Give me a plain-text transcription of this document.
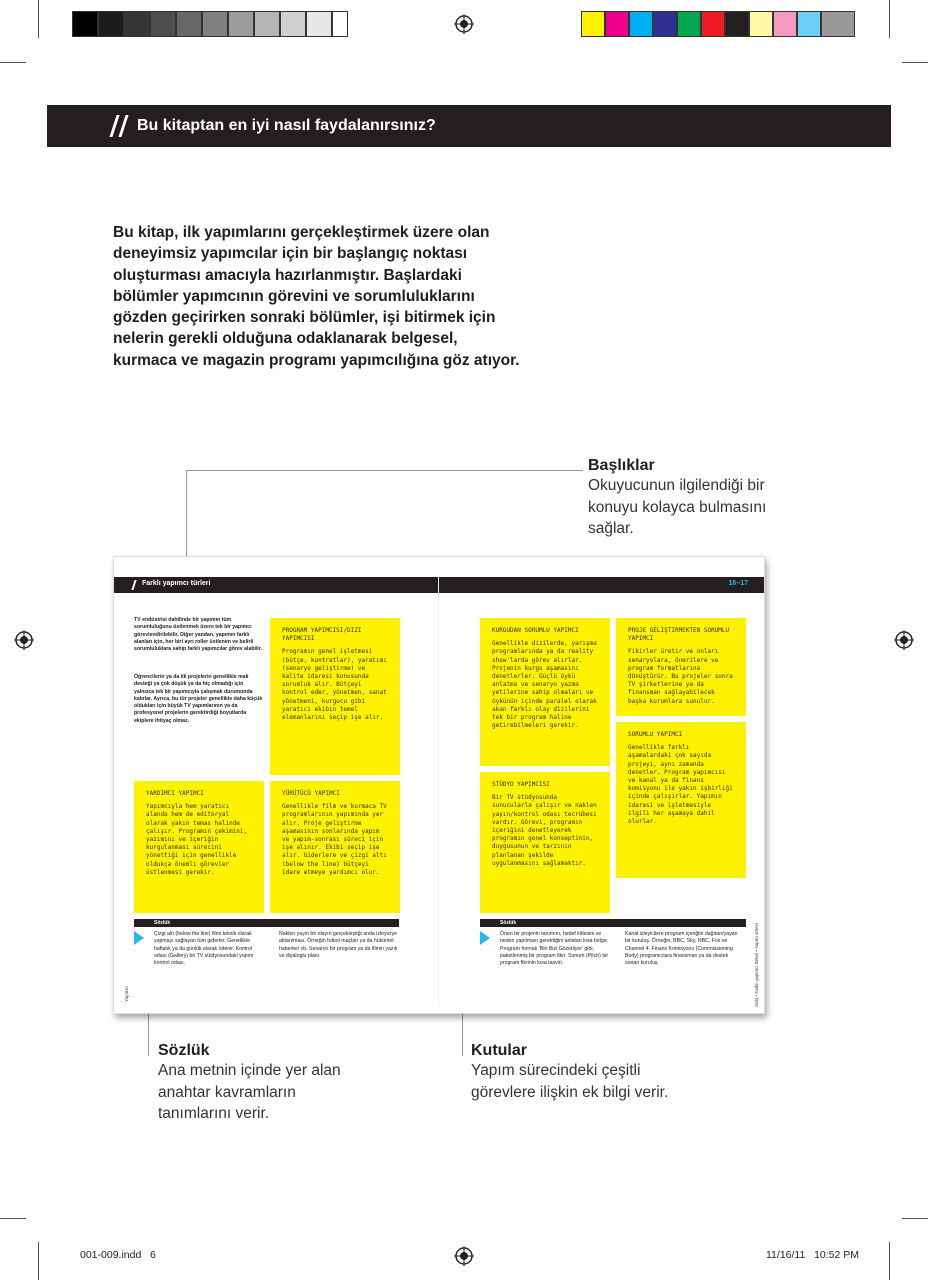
Bu kitaptan en iyi nasıl faydalanırsınız?
Bu kitap, ilk yapımlarını gerçekleştirmek üzere olan deneyimsiz yapımcılar için bir başlangıç noktası oluşturması amacıyla hazırlanmıştır. Başlardaki bölümler yapımcının görevini ve sorumluluklarını gözden geçirirken sonraki bölümler, işi bitirmek için nelerin gerekli olduğuna odaklanarak belgesel, kurmaca ve magazin programı yapımcılığına göz atıyor.
Başlıklar
Okuyucunun ilgilendiği bir konuyu kolayca bulmasını sağlar.
Farklı yapımcı türleri	16–17
TV endüstrisi dahilinde bir yapımın tüm sorumluluğunu üstlenmek üzere tek bir yapımcı görevlendirilebilir. Diğer yandan, yapımın farklı alanları için, her biri ayrı roller üstlenen ve belirli sorumluluklara sahip farklı yapımcılar görev alabilir.
Öğrencilerin ya da ilk projelerin genellikle mali desteği ya çok düşük ya da hiç olmadığı için yalnızca tek bir yapımcıyla çalışmak durumunda kalırlar. Ayrıca, bu tür projeler genellikle daha küçük oldukları için büyük TV yapımlarının ya da profesyonel projelerin gerektirdiği boyutlarda ekiplere ihtiyaç olmaz.
PROGRAM YAPIMCISI/DIZI YAPIMCISI
Programın genel işletmesi (bütçe, kontratlar), yaratımı (senaryo geliştirme) ve kalite idaresi konusunda sorumluk alır. Bütçeyi kontrol eder, yönetmen, sanat yönetmeni, kurgucu gibi yaratıcı ekibin temel elemanlarını seçip işe alır.
YARDIMCI YAPIMCI
Yapımcıyla hem yaratıcı alanda hem de editoryal olarak yakın temas halinde çalışır. Programın çekimini, yazımını ve içeriğin kurgulanması sürecini yönettiği için genellikle oldukça önemli görevler üstlenmesi gerekir.
YÜRÜTÜCÜ YAPIMCI
Genellikle film ve kurmaca TV programlarının yapımında yer alır. Proje geliştirme aşamasının sonlarında yapım ve yapım-sonrası süreci için işe alınır. Ekibi seçip işe alır. Giderlere ve çizgi altı (below the line) bütçeyi idare etmeye yardımcı olur.
KURGUDAN SORUMLU YAPIMCI
Genellikle dizilerde, yarışma programlarında ya da reality show'larda görev alırlar. Projenin kurgu aşamasını denetlerler. Güçlü öykü anlatma ve senaryo yazma yetilerine sahip olmaları ve öykünün içinde paralel olarak akan farklı olay dizilerini tek bir program haline getirebilmeleri gerekir.
PROJE GELIŞTIRMEKTEN SORUMLU YAPIMCI
Fikirler üretir ve onları senaryolara, önerilere ve program formatlarına dönüştürür. Bu projeler sonra TV şirketlerine ya da finansman sağlayabilecek başka kurumlara sunulur.
STÜDYO YAPIMCISI
Bir TV stüdyosunda sunucularla çalışır ve naklen yayın/kontrol odası tecrübesi vardır. Görevi, programın içeriğini denetleyerek programın genel konseptinin, duygusunun ve tarzının planlanan şekilde uygulanmasını sağlamaktır.
SORUMLU YAPIMCI
Genellikle farklı aşamalardaki çok sayıda projeyi, aynı zamanda denetler. Program yapımcısı ve kanal ya da finans komisyonu ile yakın işbirliği içinde çalışırlar. Yapımın idaresi ve işletmesiyle ilgili her aşamaya dahil olurlar.
Sözlük
Çizgi altı (below the line) filmi teknik olarak yapmayı sağlayan tüm giderler. Genellikle haftalık ya da günlük olarak ödenir. Kontrol odası (Gallery) bir TV stüdyosundaki yapım kontrol odası.
Naklen yayın bir olayın gerçekleştiği anda izleyiciye aktarılması. Örneğin futbol maçları ya da hükümet haberleri vb. Senaryo bir program ya da filmin yazılı ve diyaloglu planı.
Sözlük
Öneri bir projenin tanımını, hedef kitlesini ve neden yapılması gerektiğini anlatan kısa belge. Program formatı 'Biri Bizi Gözetliyor' gibi, paketlenmiş bir program fikri. Sunum (Pitch) bir program fikrinin kısa tasviri.
Kanal izleyicilere program içeriğini dağıtan/yayan bir kuruluş. Örneğin, BBC, Sky, NBC, Fox ve Channel 4. Finans Komisyonu (Commissioning Body) programcılara finansman ya da destek sunan kuruluş.
Yapımcı	Giriş • Farklı yapımcı türleri • Yapım süreci
Sözlük
Ana metnin içinde yer alan anahtar kavramların tanımlarını verir.
Kutular
Yapım sürecindeki çeşitli görevlere ilişkin ek bilgi verir.
001-009.indd   6	11/16/11   10:52 PM
